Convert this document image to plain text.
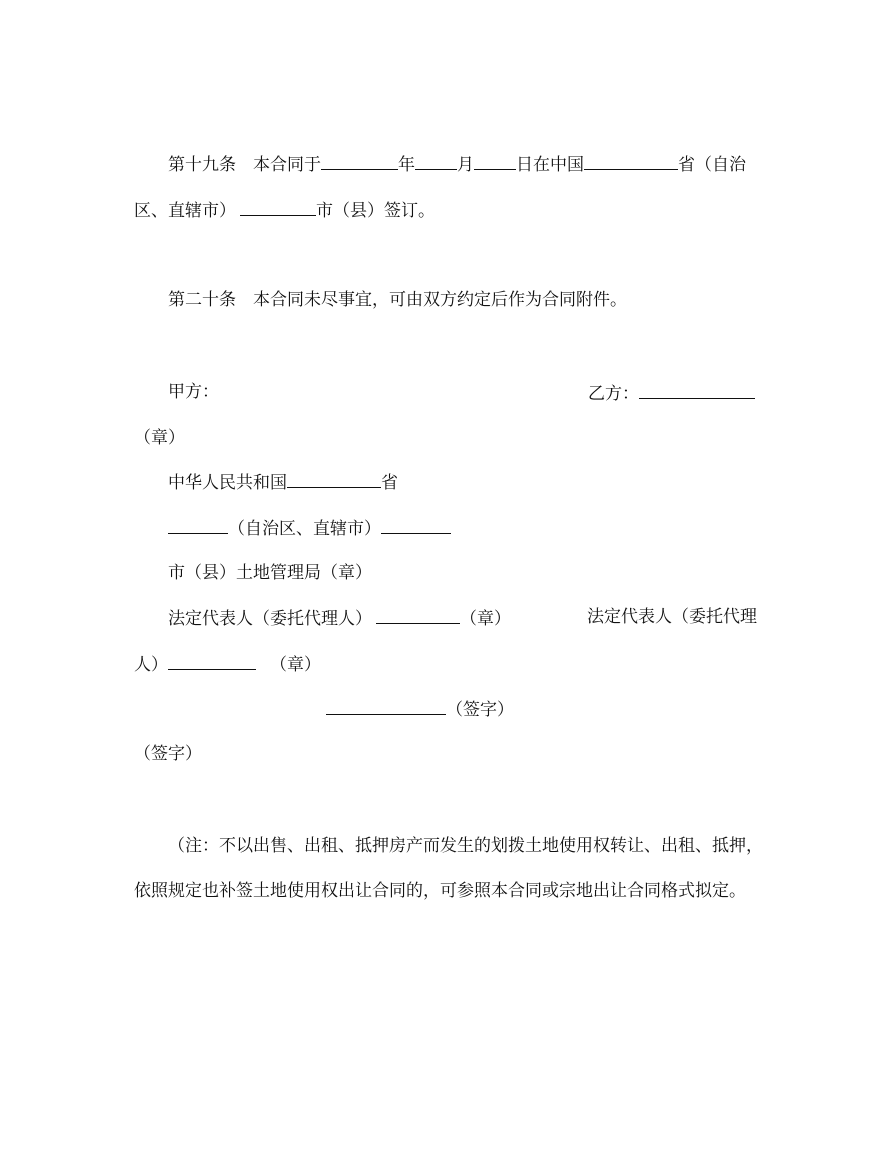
第十九条 本合同于	年 月 日在中国	省（自治
区、直辖市）	市（县）签订。
第二十条 本合同未尽事宜，可由双方约定后作为合同附件。
甲方：	乙方：
（章）
中华人民共和国	省
（自治区、直辖市）
市（县）土地管理局（章）
法定代表人（委托代理人）	（章）	法定代表人（委托代理
人）	（章）
（签字）
（签字）
（注：不以出售、出租、抵押房产而发生的划拨土地使用权转让、出租、抵押，
依照规定也补签土地使用权出让合同的，可参照本合同或宗地出让合同格式拟定。
